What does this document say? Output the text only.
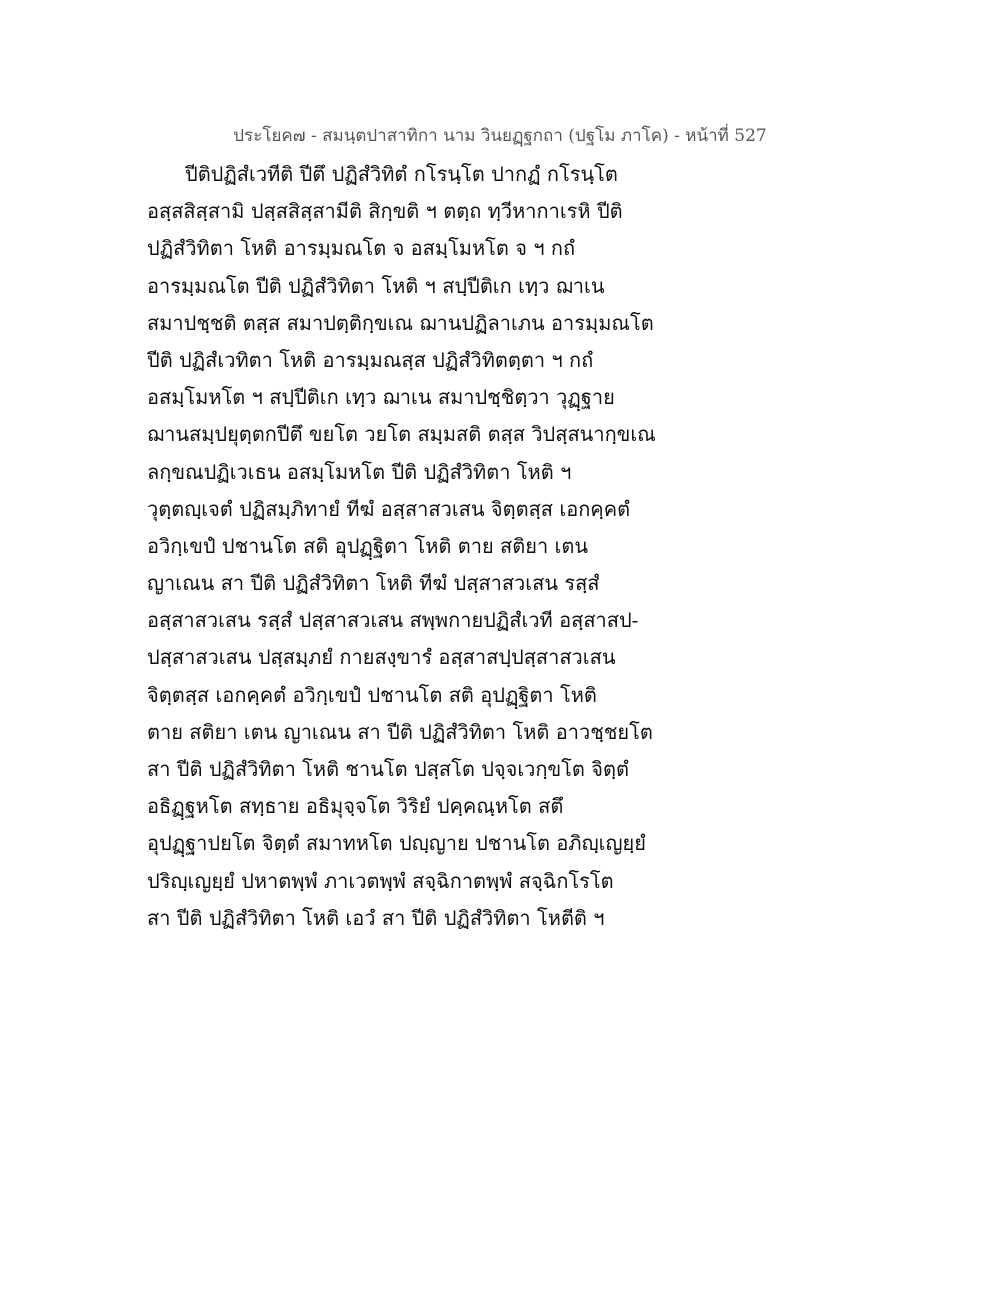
ประโยค๗ - สมนฺตปาสาทิกา นาม วินยฏฺฐกถา (ปฐโม ภาโค) - หน้าที่ 527
ปีติปฏิสํเวทีติ ปีตึ ปฏิสํวิทิตํ กโรนฺโต ปากฏํ กโรนฺโต
อสฺสสิสฺสามิ ปสฺสสิสฺสามีติ สิกฺขติ ฯ ตตฺถ ทฺวีหากาเรหิ ปีติ
ปฏิสํวิทิตา โหติ อารมฺมณโต จ อสมฺโมหโต จ ฯ กถํ
อารมฺมณโต ปีติ ปฏิสํวิทิตา โหติ ฯ สปฺปีติเก เทฺว ฌาเน
สมาปชฺชติ ตสฺส สมาปตฺติกฺขเณ ฌานปฏิลาเภน อารมฺมณโต
ปีติ ปฏิสํเวทิตา โหติ อารมฺมณสฺส ปฏิสํวิทิตตฺตา ฯ กถํ
อสมฺโมหโต ฯ สปฺปีติเก เทฺว ฌาเน สมาปชฺชิตฺวา วุฏฺฐาย
ฌานสมฺปยุตฺตกปีตึ ขยโต วยโต สมฺมสติ ตสฺส วิปสฺสนากฺขเณ
ลกฺขณปฏิเวเธน อสมฺโมหโต ปีติ ปฏิสํวิทิตา โหติ ฯ
วุตฺตญฺเจตํ ปฏิสมฺภิทายํ ทีฆํ อสฺสาสวเสน จิตฺตสฺส เอกคฺคตํ
อวิกฺเขปํ ปชานโต สติ อุปฏฺฐิตา โหติ ตาย สติยา เตน
ญาเณน สา ปีติ ปฏิสํวิทิตา โหติ ทีฆํ ปสฺสาสวเสน รสฺสํ
อสฺสาสวเสน รสฺสํ ปสฺสาสวเสน สพฺพกายปฏิสํเวที อสฺสาสป-
ปสฺสาสวเสน ปสฺสมฺภยํ กายสงฺขารํ อสฺสาสปฺปสฺสาสวเสน
จิตฺตสฺส เอกคฺคตํ อวิกฺเขปํ ปชานโต สติ อุปฏฺฐิตา โหติ
ตาย สติยา เตน ญาเณน สา ปีติ ปฏิสํวิทิตา โหติ อาวชฺชยโต
สา ปีติ ปฏิสํวิทิตา โหติ ชานโต ปสฺสโต ปจฺจเวกฺขโต จิตฺตํ
อธิฏฺฐหโต สทฺธาย อธิมุจฺจโต วิริยํ ปคฺคณฺหโต สตึ
อุปฏฺฐาปยโต จิตฺตํ สมาทหโต ปญฺญาย ปชานโต อภิญฺเญยฺยํ
ปริญฺเญยฺยํ ปหาตพฺพํ ภาเวตพฺพํ สจฺฉิกาตพฺพํ สจฺฉิกโรโต
สา ปีติ ปฏิสํวิทิตา โหติ เอวํ สา ปีติ ปฏิสํวิทิตา โหตีติ ฯ
